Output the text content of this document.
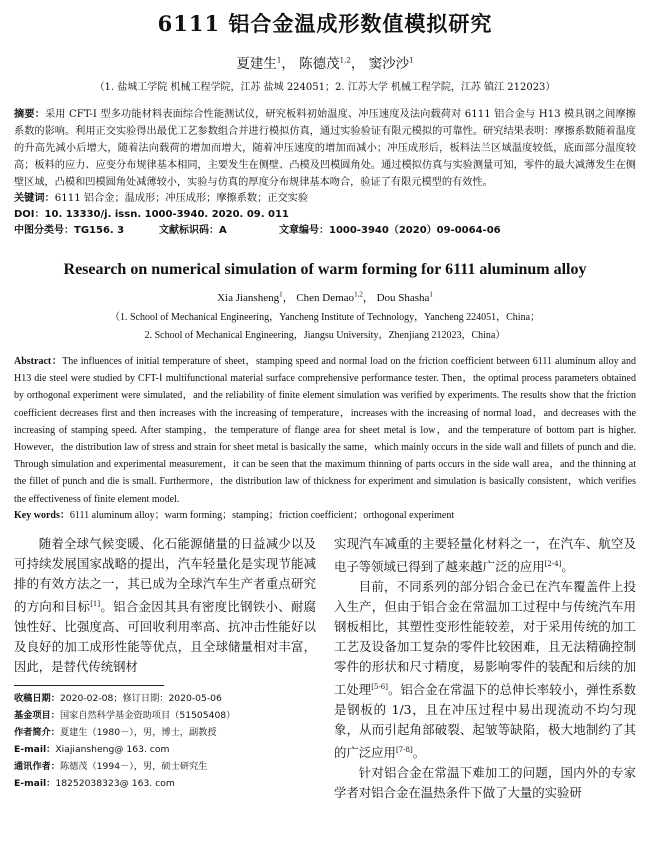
6111 铝合金温成形数值模拟研究
夏建生$^1$， 陈德茂$^{1,2}$， 窦沙沙$^1$
（1. 盐城工学院 机械工程学院，江苏 盐城 224051；2. 江苏大学 机械工程学院，江苏 镇江 212023）
摘要：采用 CFT-Ⅰ 型多功能材料表面综合性能测试仪，研究板料初始温度、冲压速度及法向载荷对 6111 铝合金与 H13 模具钢之间摩擦系数的影响。利用正交实验得出最优工艺参数组合并进行模拟仿真，通过实验验证有限元模拟的可靠性。研究结果表明：摩擦系数随着温度的升高先减小后增大，随着法向载荷的增加而增大，随着冲压速度的增加而减小；冲压成形后，板料法兰区域温度较低，底面部分温度较高；板料的应力、应变分布规律基本相同，主要发生在侧壁、凸模及凹模圆角处。通过模拟仿真与实验测量可知，零件的最大减薄发生在侧壁区域，凸模和凹模圆角处减薄较小，实验与仿真的厚度分布规律基本吻合，验证了有限元模型的有效性。
关键词：6111 铝合金；温成形；冲压成形；摩擦系数；正交实验
DOI：10. 13330/j. issn. 1000-3940. 2020. 09. 011
中图分类号：TG156. 3	文献标识码：A	文章编号：1000-3940（2020）09-0064-06
Research on numerical simulation of warm forming for 6111 aluminum alloy
Xia Jiansheng$^1$， Chen Demao$^{1,2}$， Dou Shasha$^1$
（1. School of Mechanical Engineering，Yancheng Institute of Technology，Yancheng 224051，China；
2. School of Mechanical Engineering，Jiangsu University，Zhenjiang 212023，China）
Abstract：The influences of initial temperature of sheet，stamping speed and normal load on the friction coefficient between 6111 aluminum alloy and H13 die steel were studied by CFT-Ⅰ multifunctional material surface comprehensive performance tester. Then，the optimal process parameters obtained by orthogonal experiment were simulated，and the reliability of finite element simulation was verified by experiments. The results show that the friction coefficient decreases first and then increases with the increasing of temperature，increases with the increasing of normal load，and decreases with the increasing of stamping speed. After stamping，the temperature of flange area for sheet metal is low，and the temperature of bottom part is higher. However，the distribution law of stress and strain for sheet metal is basically the same，which mainly occurs in the side wall and fillets of punch and die. Through simulation and experimental measurement，it can be seen that the maximum thinning of parts occurs in the side wall area，and the thinning at the fillet of punch and die is small. Furthermore，the distribution law of thickness for experiment and simulation is basically consistent，which verifies the effectiveness of finite element model.
Key words：6111 aluminum alloy；warm forming；stamping；friction coefficient；orthogonal experiment

随着全球气候变暖、化石能源储量的日益减少以及可持续发展国家战略的提出，汽车轻量化是实现节能减排的有效方法之一，其已成为全球汽车生产者重点研究的方向和目标[1]。铝合金因其具有密度比钢铁小、耐腐蚀性好、比强度高、可回收利用率高、抗冲击性能好以及良好的加工成形性能等优点，且全球储量相对丰富，因此，是替代传统钢材

收稿日期：2020-02-08；修订日期：2020-05-06
基金项目：国家自然科学基金资助项目（51505408）
作者简介：夏建生（1980－），男，博士，副教授
E-mail：Xiajiansheng@ 163. com
通讯作者：陈德茂（1994－），男，硕士研究生
E-mail：18252038323@ 163. com

实现汽车减重的主要轻量化材料之一，在汽车、航空及电子等领域已得到了越来越广泛的应用[2-4]。

目前，不同系列的部分铝合金已在汽车覆盖件上投入生产，但由于铝合金在常温加工过程中与传统汽车用钢板相比，其塑性变形性能较差，对于采用传统的加工工艺及设备加工复杂的零件比较困难，且无法精确控制零件的形状和尺寸精度，易影响零件的装配和后续的加工处理[5-6]。铝合金在常温下的总伸长率较小，弹性系数是钢板的 1/3，且在冲压过程中易出现流动不均匀现象，从而引起角部破裂、起皱等缺陷，极大地制约了其的广泛应用[7-8]。

针对铝合金在常温下难加工的问题，国内外的专家学者对铝合金在温热条件下做了大量的实验研
